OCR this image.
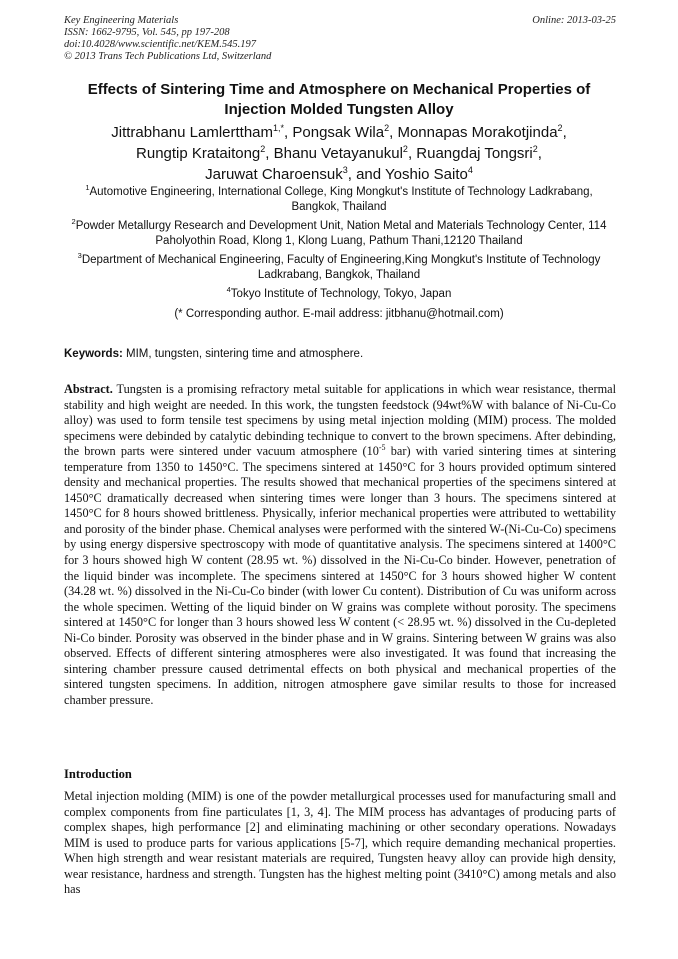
Key Engineering Materials
ISSN: 1662-9795, Vol. 545, pp 197-208
doi:10.4028/www.scientific.net/KEM.545.197
© 2013 Trans Tech Publications Ltd, Switzerland
Online: 2013-03-25
Effects of Sintering Time and Atmosphere on Mechanical Properties of
Injection Molded Tungsten Alloy
Jittrabhanu Lamlerttham$^{1,*}$, Pongsak Wila$^2$, Monnapas Morakotjinda$^2$,
Rungtip Krataitong$^2$, Bhanu Vetayanukul$^2$, Ruangdaj Tongsri$^2$,
Jaruwat Charoensuk$^3$, and Yoshio Saito$^4$
$^1$Automotive Engineering, International College, King Mongkut's Institute of Technology Ladkrabang, Bangkok, Thailand
$^2$Powder Metallurgy Research and Development Unit, Nation Metal and Materials Technology Center, 114 Paholyothin Road, Klong 1, Klong Luang, Pathum Thani,12120 Thailand
$^3$Department of Mechanical Engineering, Faculty of Engineering,King Mongkut's Institute of Technology Ladkrabang, Bangkok, Thailand
$^4$Tokyo Institute of Technology, Tokyo, Japan
(* Corresponding author. E-mail address: jitbhanu@hotmail.com)
Keywords: MIM, tungsten, sintering time and atmosphere.
Abstract. Tungsten is a promising refractory metal suitable for applications in which wear resistance, thermal stability and high weight are needed. In this work, the tungsten feedstock (94wt%W with balance of Ni-Cu-Co alloy) was used to form tensile test specimens by using metal injection molding (MIM) process. The molded specimens were debinded by catalytic debinding technique to convert to the brown specimens. After debinding, the brown parts were sintered under vacuum atmosphere ($10^{-5}$ bar) with varied sintering times at sintering temperature from 1350 to 1450°C. The specimens sintered at 1450°C for 3 hours provided optimum sintered density and mechanical properties. The results showed that mechanical properties of the specimens sintered at 1450°C dramatically decreased when sintering times were longer than 3 hours. The specimens sintered at 1450°C for 8 hours showed brittleness. Physically, inferior mechanical properties were attributed to wettability and porosity of the binder phase. Chemical analyses were performed with the sintered W-(Ni-Cu-Co) specimens by using energy dispersive spectroscopy with mode of quantitative analysis. The specimens sintered at 1400°C for 3 hours showed high W content (28.95 wt. %) dissolved in the Ni-Cu-Co binder. However, penetration of the liquid binder was incomplete. The specimens sintered at 1450°C for 3 hours showed higher W content (34.28 wt. %) dissolved in the Ni-Cu-Co binder (with lower Cu content). Distribution of Cu was uniform across the whole specimen. Wetting of the liquid binder on W grains was complete without porosity. The specimens sintered at 1450°C for longer than 3 hours showed less W content (< 28.95 wt. %) dissolved in the Cu-depleted Ni-Co binder. Porosity was observed in the binder phase and in W grains. Sintering between W grains was also observed. Effects of different sintering atmospheres were also investigated. It was found that increasing the sintering chamber pressure caused detrimental effects on both physical and mechanical properties of the sintered tungsten specimens. In addition, nitrogen atmosphere gave similar results to those for increased chamber pressure.
Introduction
Metal injection molding (MIM) is one of the powder metallurgical processes used for manufacturing small and complex components from fine particulates [1, 3, 4]. The MIM process has advantages of producing parts of complex shapes, high performance [2] and eliminating machining or other secondary operations. Nowadays MIM is used to produce parts for various applications [5-7], which require demanding mechanical properties. When high strength and wear resistant materials are required, Tungsten heavy alloy can provide high density, wear resistance, hardness and strength. Tungsten has the highest melting point (3410°C) among metals and also has
